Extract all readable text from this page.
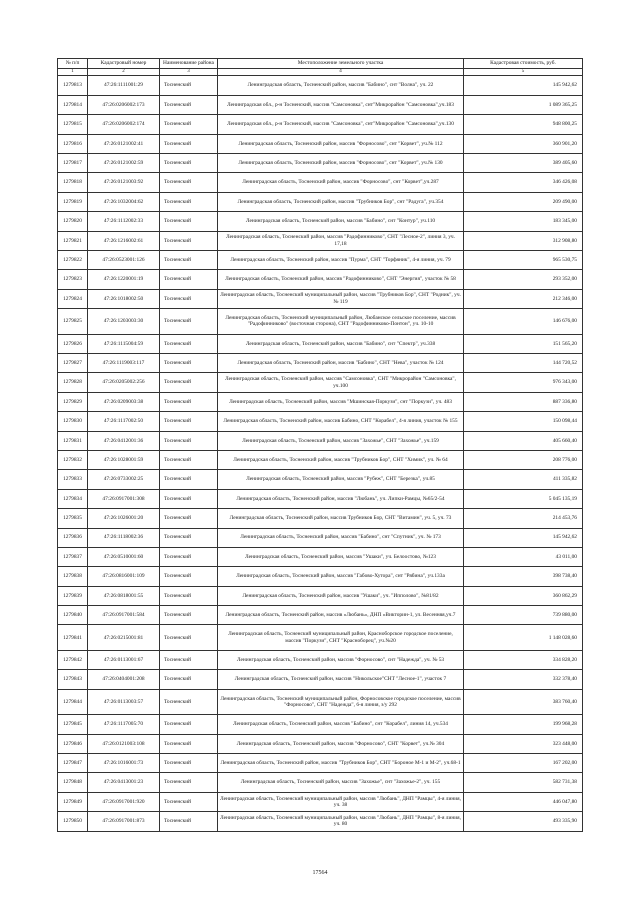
№ п/п	Кадастровый номер	Наименование района	Местоположение земельного участка	Кадастровая стоимость, руб.
1	2	3	4	5
1279813	47:26:1111001:29	Тосненский	Ленинградская область, Тосненский район, массив "Бабино", снт "Волна", уч. 22	145 942,62
1279814	47:26:0206002:173	Тосненский	Ленинградская обл., р-н Тосненский, массив "Самсоновка", снт"Микрорайон "Самсоновка",уч.183	1 089 365,25
1279815	47:26:0206002:174	Тосненский	Ленинградская обл., р-н Тосненский, массив "Самсоновка", снт"Микрорайон "Самсоновка",уч.130	948 800,25
1279816	47:26:0121002:41	Тосненский	Ленинградская область, Тосненский район, массив "Форносово", снт "Корвет", уч.№ 112	360 901,20
1279817	47:26:0121002:59	Тосненский	Ленинградская область, Тосненский район, массив "Форносово", снт "Корвет", уч.№ 130	389 405,60
1279818	47:26:0121003:92	Тосненский	Ленинградская область, Тосненский район, массив "Форносово", снт "Корвет",уч.287	346 426,08
1279819	47:26:1032004:62	Тосненский	Ленинградская область, Тосненский район, массив "Трубников Бор", снт "Радуга", уч.354	209 490,00
1279820	47:26:1112002:33	Тосненский	Ленинградская область, Тосненский район, массив "Бабино", снт "Контур", уч.110	183 345,00
1279821	47:26:1216002:61	Тосненский	Ленинградская область, Тосненский район, массив "Радофинниково", СНТ "Лесное-2", линия 3, уч. 17,18	312 908,80
1279822	47:26:0523001:126	Тосненский	Ленинградская область, Тосненский район, массив "Пурма", СНТ "Торфяник", 4-я линия, уч. 79	965 530,75
1279823	47:26:1220001:19	Тосненский	Ленинградская область, Тосненский район, массив "Радофинниково", СНТ "Энергия", участок № 58	293 352,00
1279824	47:26:1018002:50	Тосненский	Ленинградская область, Тосненский муниципальный район, массив "Трубников Бор", СНТ "Родник", уч. № 119	212 346,00
1279825	47:26:1203003:30	Тосненский	Ленинградская область, Тосненский муниципальный район, Любанское сельское поселение, массив "Радофинниково" (восточная сторона), СНТ "Радофинниково-Понтон", уч. 10-10	146 676,00
1279826	47:26:1115004:59	Тосненский	Ленинградская область, Тосненский район, массив "Бабино", снт "Спектр", уч.338	151 565,20
1279827	47:26:1119003:117	Тосненский	Ленинградская область, Тосненский район, массив "Бабино", СНТ "Нева", участок № 124	144 720,52
1279828	47:26:0205002:256	Тосненский	Ленинградская область, Тосненский район, массив "Самсоновка", СНТ "Микрорайон "Самсоновка", уч.100	976 343,00
1279829	47:26:0209003:38	Тосненский	Ленинградская область, Тосненский район, массив "Мшинская-Поркузи", снт "Поркузи", уч. 483	887 336,80
1279830	47:26:1117002:50	Тосненский	Ленинградская область, Тосненский район, массив Бабино, СНТ "Корабел", 4-я линия, участок № 155	150 098,44
1279831	47:26:0412001:36	Тосненский	Ленинградская область, Тосненский район, массив "Захожье", СНТ "Захожье", уч.159	405 660,40
1279832	47:26:1028001:59	Тосненский	Ленинградская область, Тосненский район, массив "Трубников Бор", СНТ "Химик", уч. № 64	208 776,00
1279833	47:26:0733002:25	Тосненский	Ленинградская область, Тосненский район, массив "Рубеж", СНТ "Березка", уч.85	411 335,82
1279834	47:26:0917001:308	Тосненский	Ленинградская область, Тосненский район, массив "Любань", уч. Липки-Рамцы, №65/2-54	5 045 135,19
1279835	47:26:1026001:20	Тосненский	Ленинградская область, Тосненский район, массив Трубников Бор, СНТ "Витамин", уч. 5, уч. 73	214 453,76
1279836	47:26:1118002:36	Тосненский	Ленинградская область, Тосненский район, массив "Бабино", снт "Спутник", уч. № 173	145 942,62
1279837	47:26:0510001:60	Тосненский	Ленинградская область, Тосненский район, массив "Ушаки", уч. Белоостово, №123	43 011,00
1279838	47:26:0816001:109	Тосненский	Ленинградская область, Тосненский район, массив "Габово-Хутора", снт "Рябина", уч.133а	398 738,40
1279839	47:26:0818001:55	Тосненский	Ленинградская область, Тосненский район, массив "Ушаки", уч. "Ипполово", №81/82	360 862,29
1279840	47:26:0917001:584	Тосненский	Ленинградская область, Тосненский район, массив «Любань», ДНП «Викторин-1, ул. Весенняя,уч.7	739 880,00
1279841	47:26:0215001:81	Тосненский	Ленинградская область, Тосненский муниципальный район, Красноборское городское поселение, массив "Поркузи", СНТ "Красноборец", уч.№20	1 148 028,60
1279842	47:26:0113001:67	Тосненский	Ленинградская область, Тосненский район, массив "Форносово", снт "Надежда", уч. № 53	334 828,20
1279843	47:26:0404001:208	Тосненский	Ленинградская область, Тосненский район, массив "Никольское"СНТ "Лесное-1", участок 7	332 378,40
1279844	47:26:0113003:57	Тосненский	Ленинградская область, Тосненский муниципальный район, Форносовское городское поселение, массив "Форносово", СНТ "Надежда", 6-я линия, з/у 292	383 760,40
1279845	47:26:1117005:70	Тосненский	Ленинградская область, Тосненский район, массив "Бабино", снт "Корабел", линия 14, уч.534	199 968,28
1279846	47:26:0121003:108	Тосненский	Ленинградская область, Тосненский район, массив "Форносово", СНТ "Корвет", уч.№ 304	323 448,00
1279847	47:26:1016001:73	Тосненский	Ленинградская область, Тосненский район, массив "Трубников Бор", СНТ "Бороное М-1 и М-2", уч.68-1	167 202,00
1279848	47:26:0413001:23	Тосненский	Ленинградская область, Тосненский район, массив "Захожье", снт "Захожье-2", уч. 155	582 731,38
1279849	47:26:0917001:920	Тосненский	Ленинградская область, Тосненский муниципальный район, массив "Любань", ДНП "Рамцы", 4-я линия, уч. 38	446 047,80
1279850	47:26:0917001:873	Тосненский	Ленинградская область, Тосненский муниципальный район, массив "Любань", ДНП "Рамцы", 8-я линия, уч. 80	493 335,90
17564
